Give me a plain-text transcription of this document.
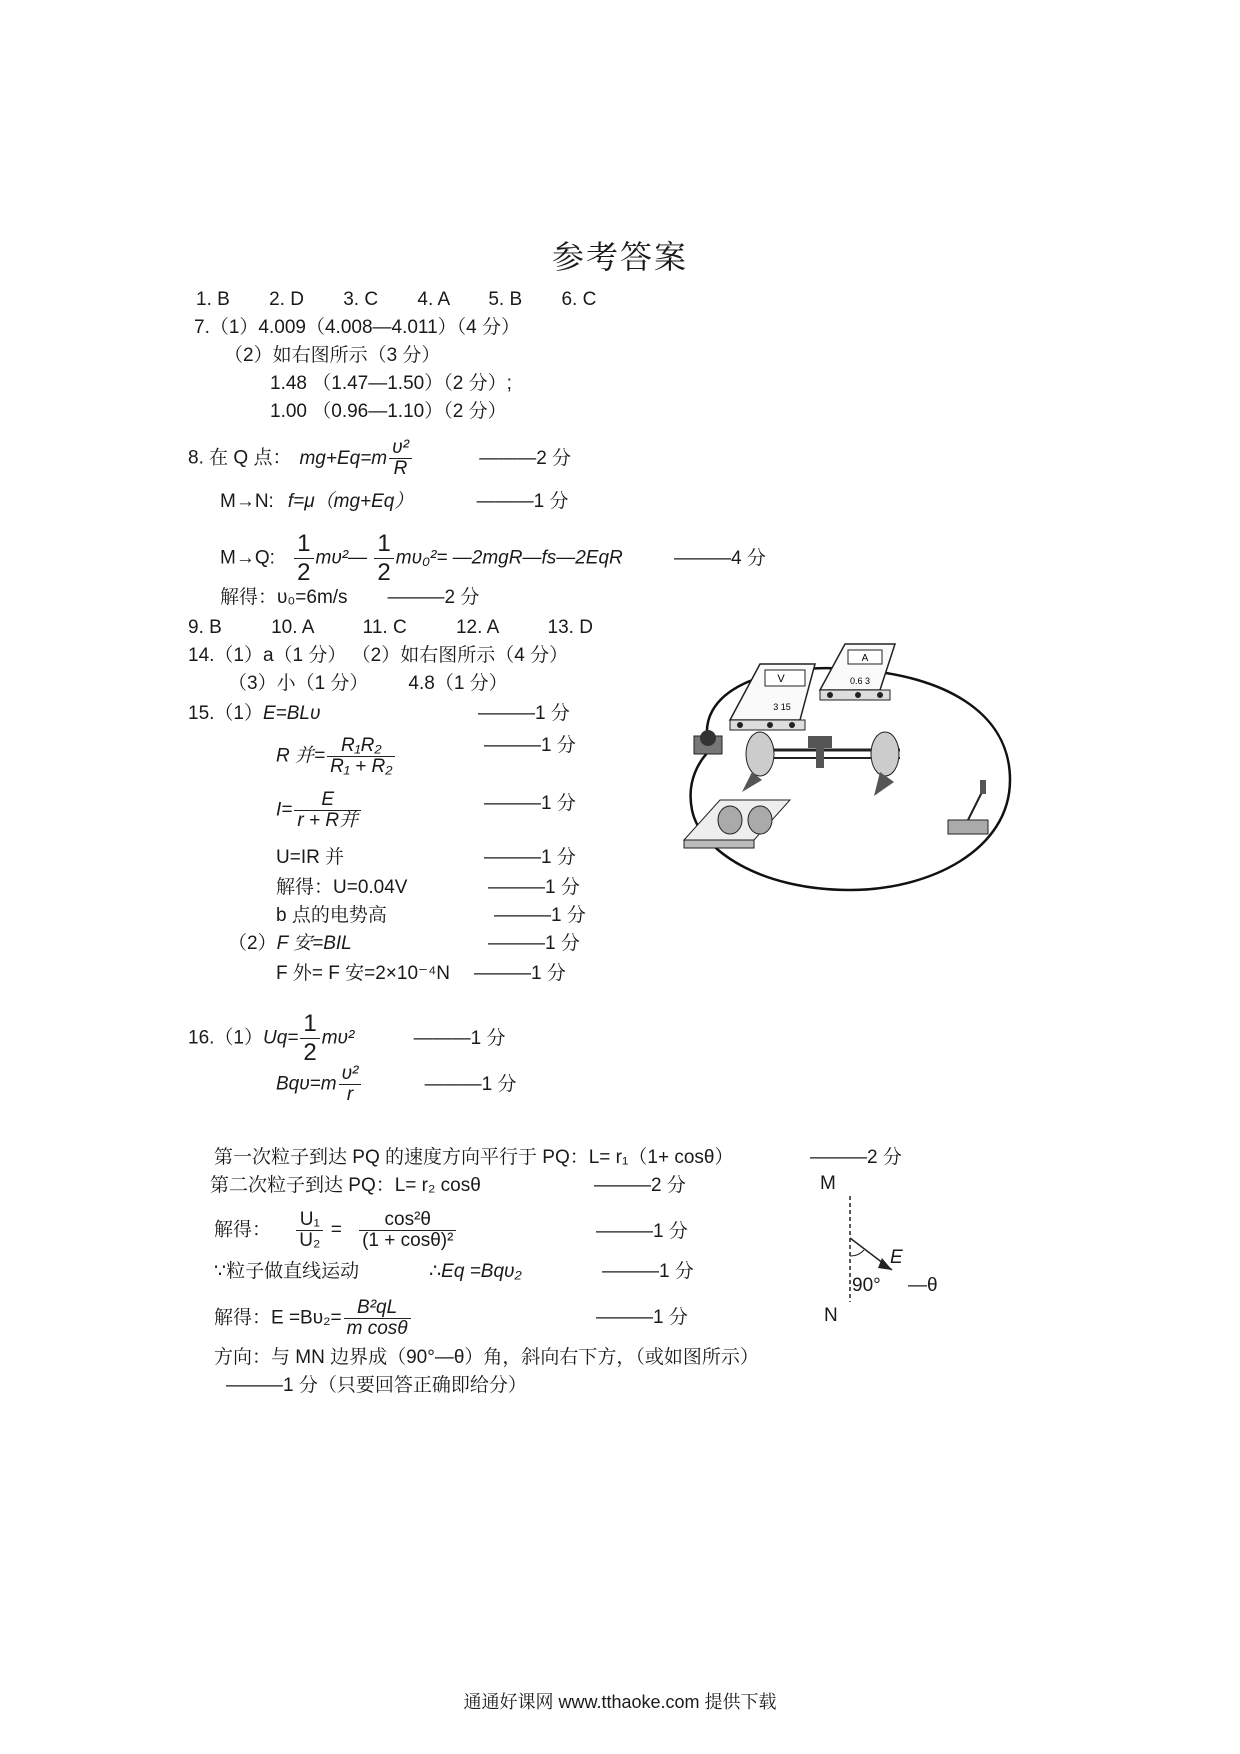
参考答案
1. B 2. D 3. C 4. A 5. B 6. C
7.（1）4.009（4.008—4.011）（4 分）
（2）如右图所示（3 分）
1.48 （1.47—1.50）（2 分）;
1.00 （0.96—1.10）（2 分）
8. 在 Q 点： $mg+Eq=m \frac{\text{υ²}}{R}$	———2 分
M→N: f=μ（mg+Eq）	———1 分
M→Q: $\frac{1}{2}$ mυ²— $\frac{1}{2} m\upsilon_0^2=$ —2mgR—fs—2EqR	———4 分
解得：υ₀=6m/s ———2 分
9. B	10. A	11. C	12. A	13. D
14.（1）a（1 分） （2）如右图所示（4 分）
（3）小（1 分） 4.8（1 分）
15.（1）E=BLυ	———1 分
R 并= $\frac{\text{R₁R₂}}{\text{R₁ + R₂}}$	———1 分
$I= \frac{E}{\text{r + R并}}$	———1 分
U=IR 并	———1 分
解得：U=0.04V	———1 分
b 点的电势高	———1 分
（2）F 安=BIL	———1 分
F 外= F 安=2×10⁻⁴N ———1 分
$16.(1)Uq= \frac{1}{2} m\upsilon^2$	———1 分
$Bq\upsilon=m \frac{\text{υ²}}{r}$	———1 分
第一次粒子到达 PQ 的速度方向平行于 PQ：L= r₁（1+ cosθ）	———2 分
第二次粒子到达 PQ：L= r₂ cosθ	———2 分
解得： $\frac{\text{U₁}}{\text{U₂}} = \frac{\text{cos²θ}}{\text{(1 + cosθ)²}}$	———1 分
∵粒子做直线运动	∴Eq =Bqυ₂	———1 分
解得：$E =B\upsilon_2= \frac{\text{B²qL}}{\text{m cosθ}}$	———1 分
方向：与 MN 边界成（90°—θ）角，斜向右下方，（或如图所示）
———1 分（只要回答正确即给分）
M
N
E
90° —θ
V
3 15
A
0.6 3
通通好课网 www.tthaoke.com 提供下载
